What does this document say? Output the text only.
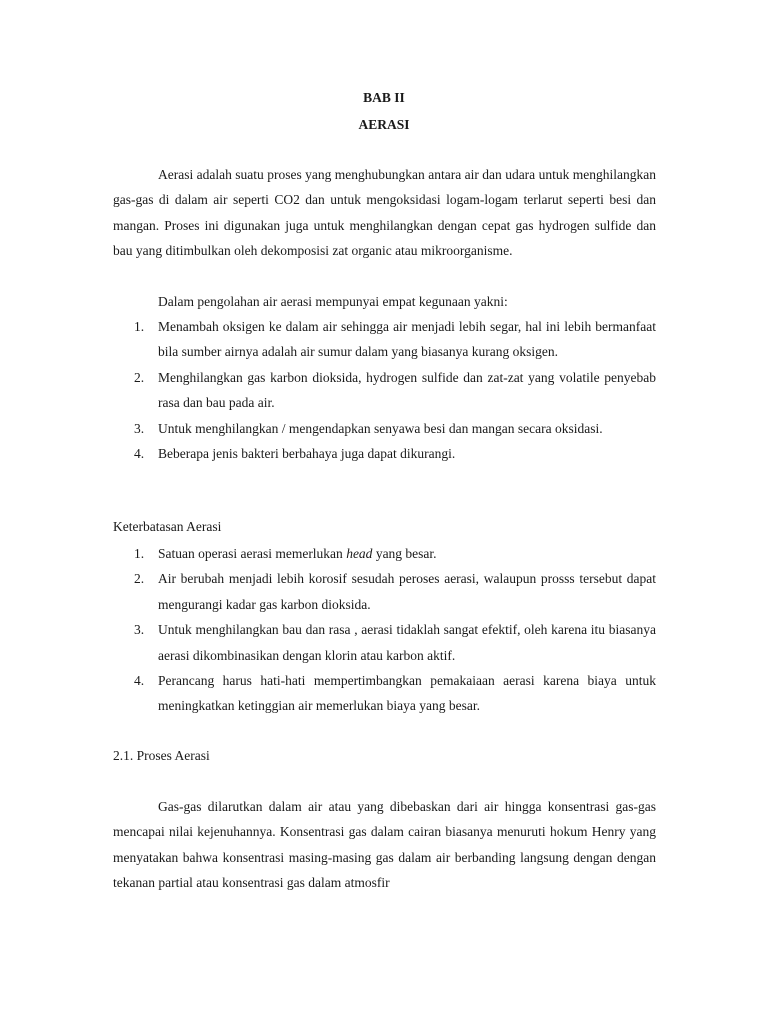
BAB II
AERASI

Aerasi adalah suatu proses yang menghubungkan antara air dan udara untuk menghilangkan gas-gas di dalam air seperti CO2 dan untuk mengoksidasi logam-logam terlarut seperti besi dan mangan. Proses ini digunakan juga untuk menghilangkan dengan cepat gas hydrogen sulfide dan bau yang ditimbulkan oleh dekomposisi zat organic atau mikroorganisme.

Dalam pengolahan air aerasi mempunyai empat kegunaan yakni:

1. Menambah oksigen ke dalam air sehingga air menjadi lebih segar, hal ini lebih bermanfaat bila sumber airnya adalah air sumur dalam yang biasanya kurang oksigen.
2. Menghilangkan gas karbon dioksida, hydrogen sulfide dan zat-zat yang volatile penyebab rasa dan bau pada air.
3. Untuk menghilangkan / mengendapkan senyawa besi dan mangan secara oksidasi.
4. Beberapa jenis bakteri berbahaya juga dapat dikurangi.
Keterbatasan Aerasi
1. Satuan operasi aerasi memerlukan head yang besar.
2. Air berubah menjadi lebih korosif sesudah peroses aerasi, walaupun prosss tersebut dapat mengurangi kadar gas karbon dioksida.
3. Untuk menghilangkan bau dan rasa , aerasi tidaklah sangat efektif, oleh karena itu biasanya aerasi dikombinasikan dengan klorin atau karbon aktif.
4. Perancang harus hati-hati mempertimbangkan pemakaiaan aerasi karena biaya untuk meningkatkan ketinggian air memerlukan biaya yang besar.
2.1. Proses Aerasi

Gas-gas dilarutkan dalam air atau yang dibebaskan dari air hingga konsentrasi gas-gas mencapai nilai kejenuhannya. Konsentrasi gas dalam cairan biasanya menuruti hokum Henry yang menyatakan bahwa konsentrasi masing-masing gas dalam air berbanding langsung dengan dengan tekanan partial atau konsentrasi gas dalam atmosfir
